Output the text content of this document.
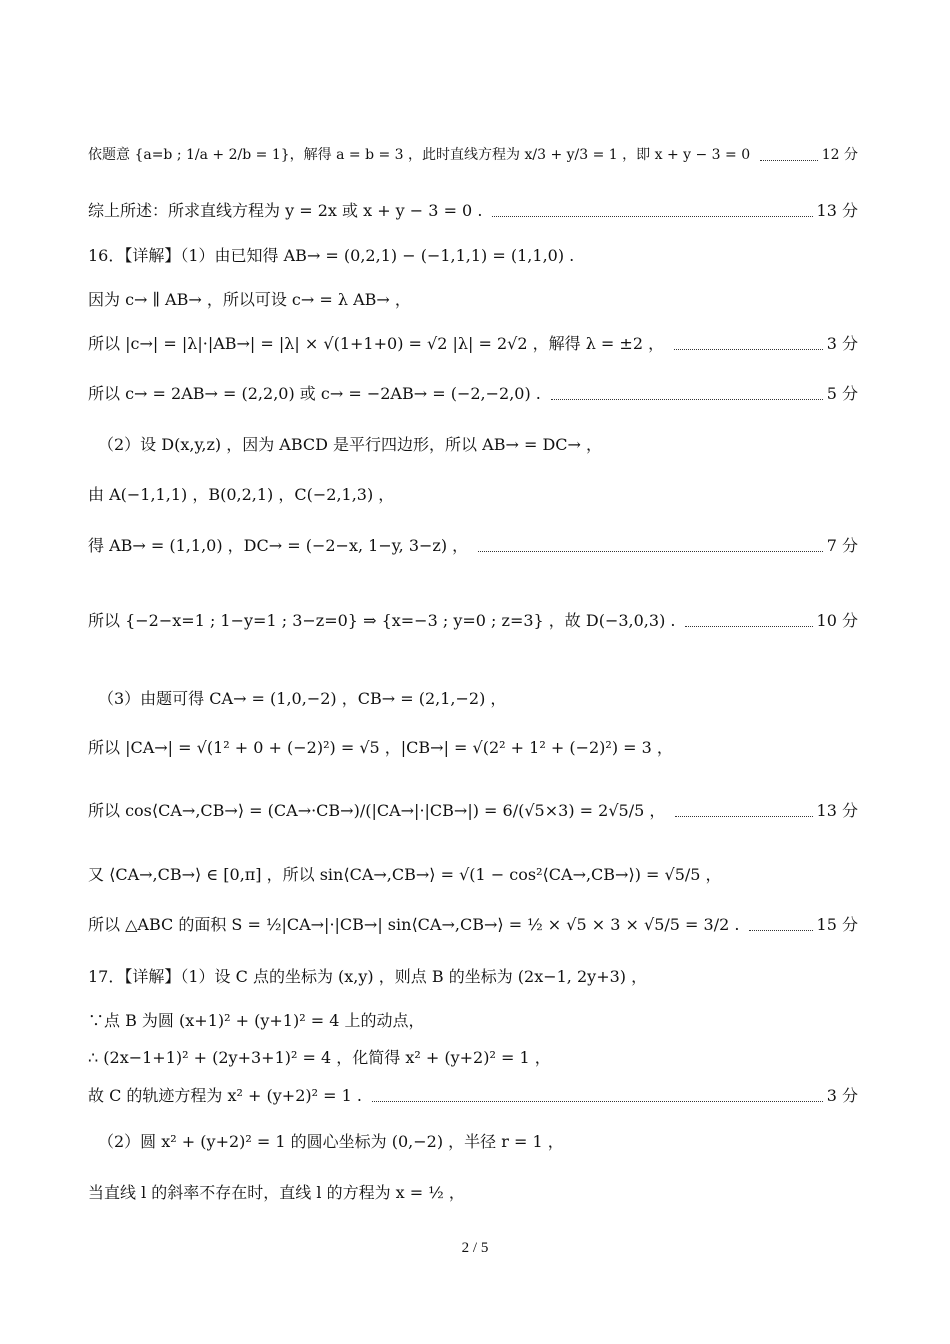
依题意 {a=b ; 1/a + 2/b = 1}，解得 a = b = 3 ，此时直线方程为 x/3 + y/3 = 1 ，即 x + y − 3 = 0	12 分
综上所述：所求直线方程为 y = 2x 或 x + y − 3 = 0 .	13 分
16．【详解】（1）由已知得 AB→ = (0,2,1) − (−1,1,1) = (1,1,0) .
因为 c→ ∥ AB→ ，所以可设 c→ = λ AB→ ，
所以 |c→| = |λ|·|AB→| = |λ| × √(1+1+0) = √2 |λ| = 2√2 ，解得 λ = ±2 ，	3 分
所以 c→ = 2AB→ = (2,2,0) 或 c→ = −2AB→ = (−2,−2,0) .	5 分
（2）设 D(x,y,z) ，因为 ABCD 是平行四边形，所以 AB→ = DC→ ，
由 A(−1,1,1) ，B(0,2,1) ，C(−2,1,3) ，
得 AB→ = (1,1,0) ，DC→ = (−2−x, 1−y, 3−z) ，	7 分
所以 {−2−x=1 ; 1−y=1 ; 3−z=0} ⇒ {x=−3 ; y=0 ; z=3} ，故 D(−3,0,3) .	10 分
（3）由题可得 CA→ = (1,0,−2) ，CB→ = (2,1,−2) ，
所以 |CA→| = √(1² + 0 + (−2)²) = √5 ，|CB→| = √(2² + 1² + (−2)²) = 3 ，
所以 cos⟨CA→,CB→⟩ = (CA→·CB→)/(|CA→|·|CB→|) = 6/(√5×3) = 2√5/5 ，	13 分
又 ⟨CA→,CB→⟩ ∈ [0,π] ，所以 sin⟨CA→,CB→⟩ = √(1 − cos²⟨CA→,CB→⟩) = √5/5 ，
所以 △ABC 的面积 S = ½|CA→|·|CB→| sin⟨CA→,CB→⟩ = ½ × √5 × 3 × √5/5 = 3/2 .	15 分
17．【详解】（1）设 C 点的坐标为 (x,y) ，则点 B 的坐标为 (2x−1, 2y+3) ，
∵点 B 为圆 (x+1)² + (y+1)² = 4 上的动点，
∴ (2x−1+1)² + (2y+3+1)² = 4 ，化简得 x² + (y+2)² = 1 ，
故 C 的轨迹方程为 x² + (y+2)² = 1 .	3 分
（2）圆 x² + (y+2)² = 1 的圆心坐标为 (0,−2) ，半径 r = 1 ，
当直线 l 的斜率不存在时，直线 l 的方程为 x = ½ ，
2 / 5
